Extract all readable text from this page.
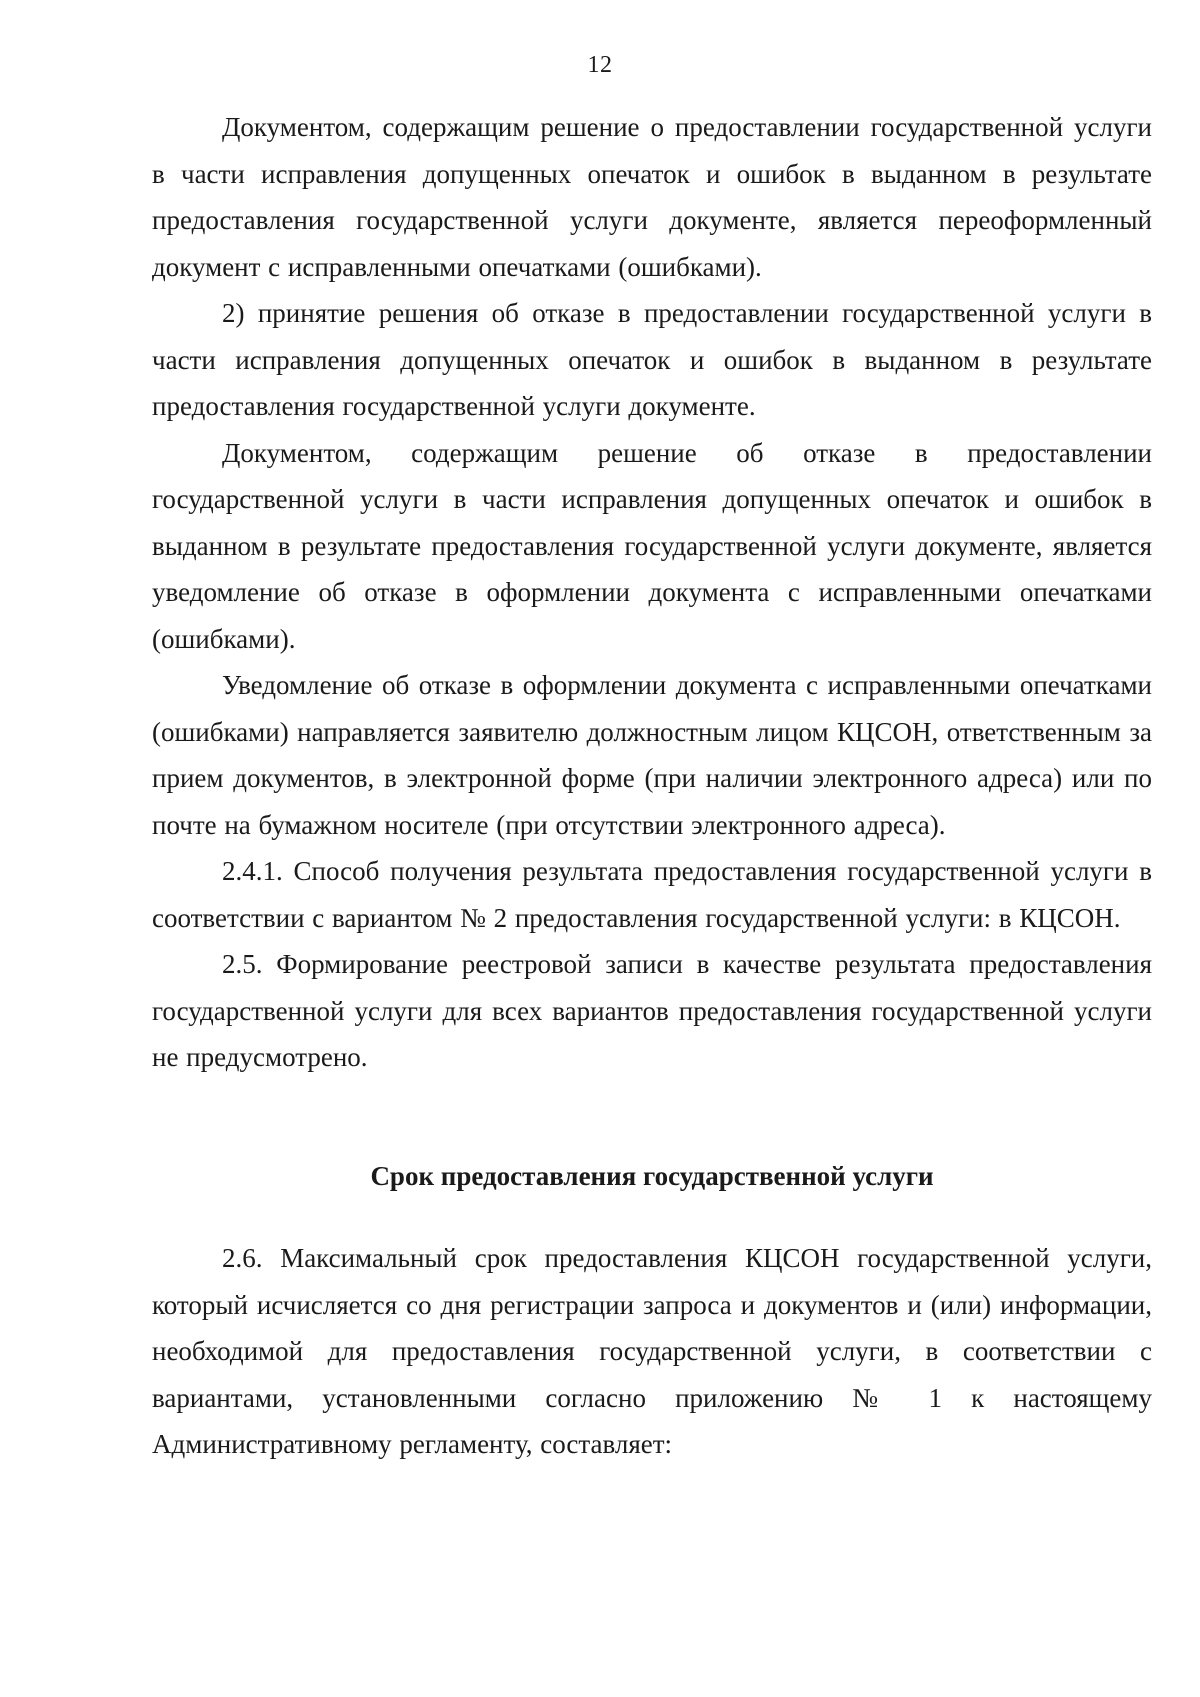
12

Документом, содержащим решение о предоставлении государственной услуги в части исправления допущенных опечаток и ошибок в выданном в результате предоставления государственной услуги документе, является переоформленный документ с исправленными опечатками (ошибками).

2) принятие решения об отказе в предоставлении государственной услуги в части исправления допущенных опечаток и ошибок в выданном в результате предоставления государственной услуги документе.

Документом, содержащим решение об отказе в предоставлении государственной услуги в части исправления допущенных опечаток и ошибок в выданном в результате предоставления государственной услуги документе, является уведомление об отказе в оформлении документа с исправленными опечатками (ошибками).

Уведомление об отказе в оформлении документа с исправленными опечатками (ошибками) направляется заявителю должностным лицом КЦСОН, ответственным за прием документов, в электронной форме (при наличии электронного адреса) или по почте на бумажном носителе (при отсутствии электронного адреса).

2.4.1. Способ получения результата предоставления государственной услуги в соответствии с вариантом № 2 предоставления государственной услуги: в КЦСОН.

2.5. Формирование реестровой записи в качестве результата предоставления государственной услуги для всех вариантов предоставления государственной услуги не предусмотрено.

Срок предоставления государственной услуги

2.6. Максимальный срок предоставления КЦСОН государственной услуги, который исчисляется со дня регистрации запроса и документов и (или) информации, необходимой для предоставления государственной услуги, в соответствии с вариантами, установленными согласно приложению № 1 к настоящему Административному регламенту, составляет:
